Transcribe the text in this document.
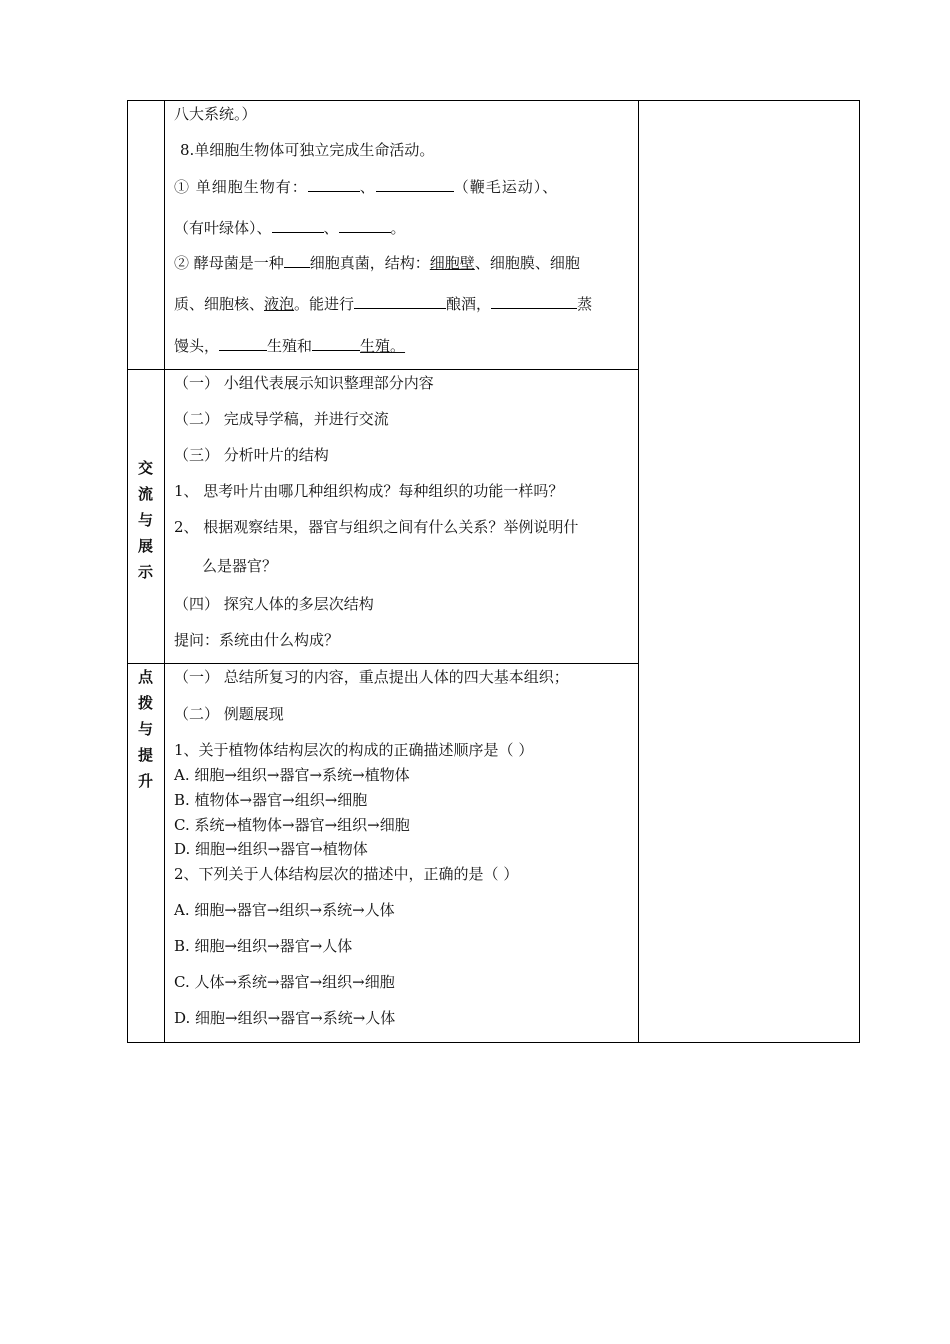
八大系统。）
8.单细胞生物体可独立完成生命活动。
① 单细胞生物有：	、	（鞭毛运动）、
（有叶绿体）、	、	。
② 酵母菌是一种 细胞真菌，结构：细胞壁、细胞膜、细胞
质、细胞核、液泡。能进行	酿酒，	蒸
馒头，	生殖和	生殖。
交
流
与
展
示
（一） 小组代表展示知识整理部分内容
（二） 完成导学稿，并进行交流
（三） 分析叶片的结构
1、 思考叶片由哪几种组织构成？每种组织的功能一样吗？
2、 根据观察结果，器官与组织之间有什么关系？举例说明什
么是器官？
（四） 探究人体的多层次结构
提问：系统由什么构成？
点
拨
与
提
升
（一） 总结所复习的内容，重点提出人体的四大基本组织；
（二） 例题展现
1、关于植物体结构层次的构成的正确描述顺序是（ ）
A. 细胞→组织→器官→系统→植物体
B. 植物体→器官→组织→细胞
C. 系统→植物体→器官→组织→细胞
D. 细胞→组织→器官→植物体
2、下列关于人体结构层次的描述中，正确的是（ ）
A. 细胞→器官→组织→系统→人体
B. 细胞→组织→器官→人体
C. 人体→系统→器官→组织→细胞
D. 细胞→组织→器官→系统→人体
